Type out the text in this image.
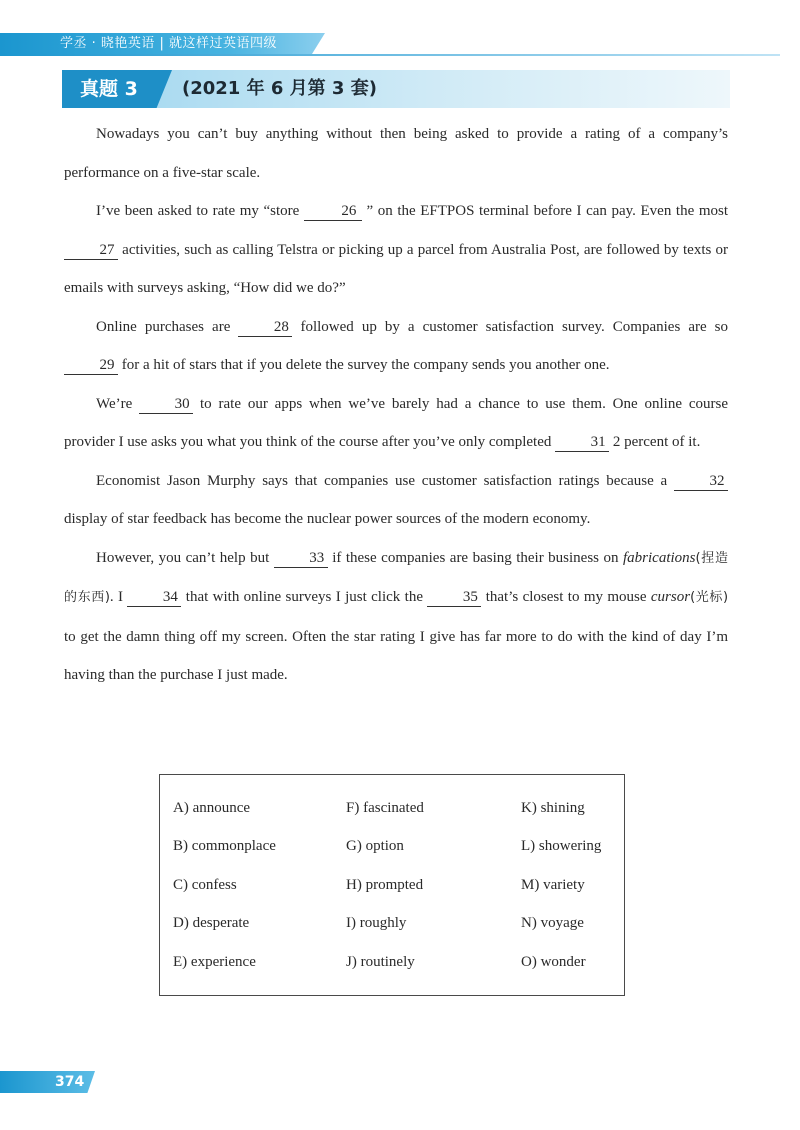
学丞 · 晓艳英语 | 就这样过英语四级
真题 3 (2021 年 6 月第 3 套)

Nowadays you can’t buy anything without then being asked to provide a rating of a company’s performance on a five-star scale.

I’ve been asked to rate my “store	26 ” on the EFTPOS terminal before I can pay. Even the most 27 activities, such as calling Telstra or picking up a parcel from Australia Post, are followed by texts or emails with surveys asking, “How did we do?”

Online purchases are	28 followed up by a customer satisfaction survey. Companies are so 29 for a hit of stars that if you delete the survey the company sends you another one.

We’re	30 to rate our apps when we’ve barely had a chance to use them. One online course provider I use asks you what you think of the course after you’ve only completed	31 2 percent of it.

Economist Jason Murphy says that companies use customer satisfaction ratings because a	32 display of star feedback has become the nuclear power sources of the modern economy.

However, you can’t help but	33 if these companies are basing their business on fabrications(捏造的东西). I	34 that with online surveys I just click the	35 that’s closest to my mouse cursor(光标) to get the damn thing off my screen. Often the star rating I give has far more to do with the kind of day I’m having than the purchase I just made.

A) announce
B) commonplace
C) confess
D) desperate
E) experience
F) fascinated
G) option
H) prompted
I) roughly
J) routinely
K) shining
L) showering
M) variety
N) voyage
O) wonder
374
